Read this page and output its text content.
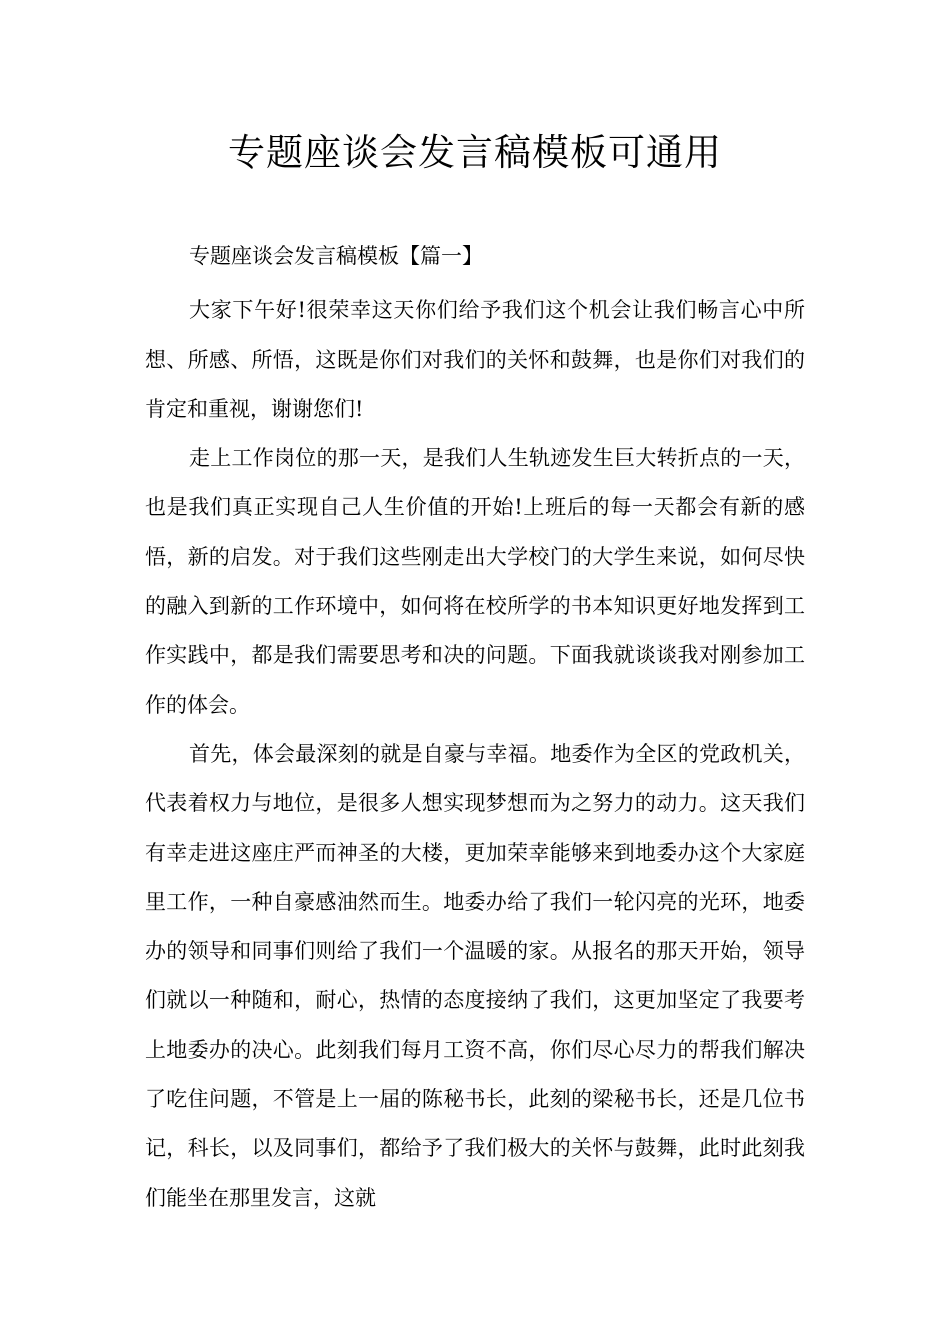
专题座谈会发言稿模板可通用

专题座谈会发言稿模板【篇一】

大家下午好!很荣幸这天你们给予我们这个机会让我们畅言心中所想、所感、所悟，这既是你们对我们的关怀和鼓舞，也是你们对我们的肯定和重视，谢谢您们!

走上工作岗位的那一天，是我们人生轨迹发生巨大转折点的一天，也是我们真正实现自己人生价值的开始!上班后的每一天都会有新的感悟，新的启发。对于我们这些刚走出大学校门的大学生来说，如何尽快的融入到新的工作环境中，如何将在校所学的书本知识更好地发挥到工作实践中，都是我们需要思考和决的问题。下面我就谈谈我对刚参加工作的体会。

首先，体会最深刻的就是自豪与幸福。地委作为全区的党政机关，代表着权力与地位，是很多人想实现梦想而为之努力的动力。这天我们有幸走进这座庄严而神圣的大楼，更加荣幸能够来到地委办这个大家庭里工作，一种自豪感油然而生。地委办给了我们一轮闪亮的光环，地委办的领导和同事们则给了我们一个温暖的家。从报名的那天开始，领导们就以一种随和，耐心，热情的态度接纳了我们，这更加坚定了我要考上地委办的决心。此刻我们每月工资不高，你们尽心尽力的帮我们解决了吃住问题，不管是上一届的陈秘书长，此刻的梁秘书长，还是几位书记，科长，以及同事们，都给予了我们极大的关怀与鼓舞，此时此刻我们能坐在那里发言，这就
